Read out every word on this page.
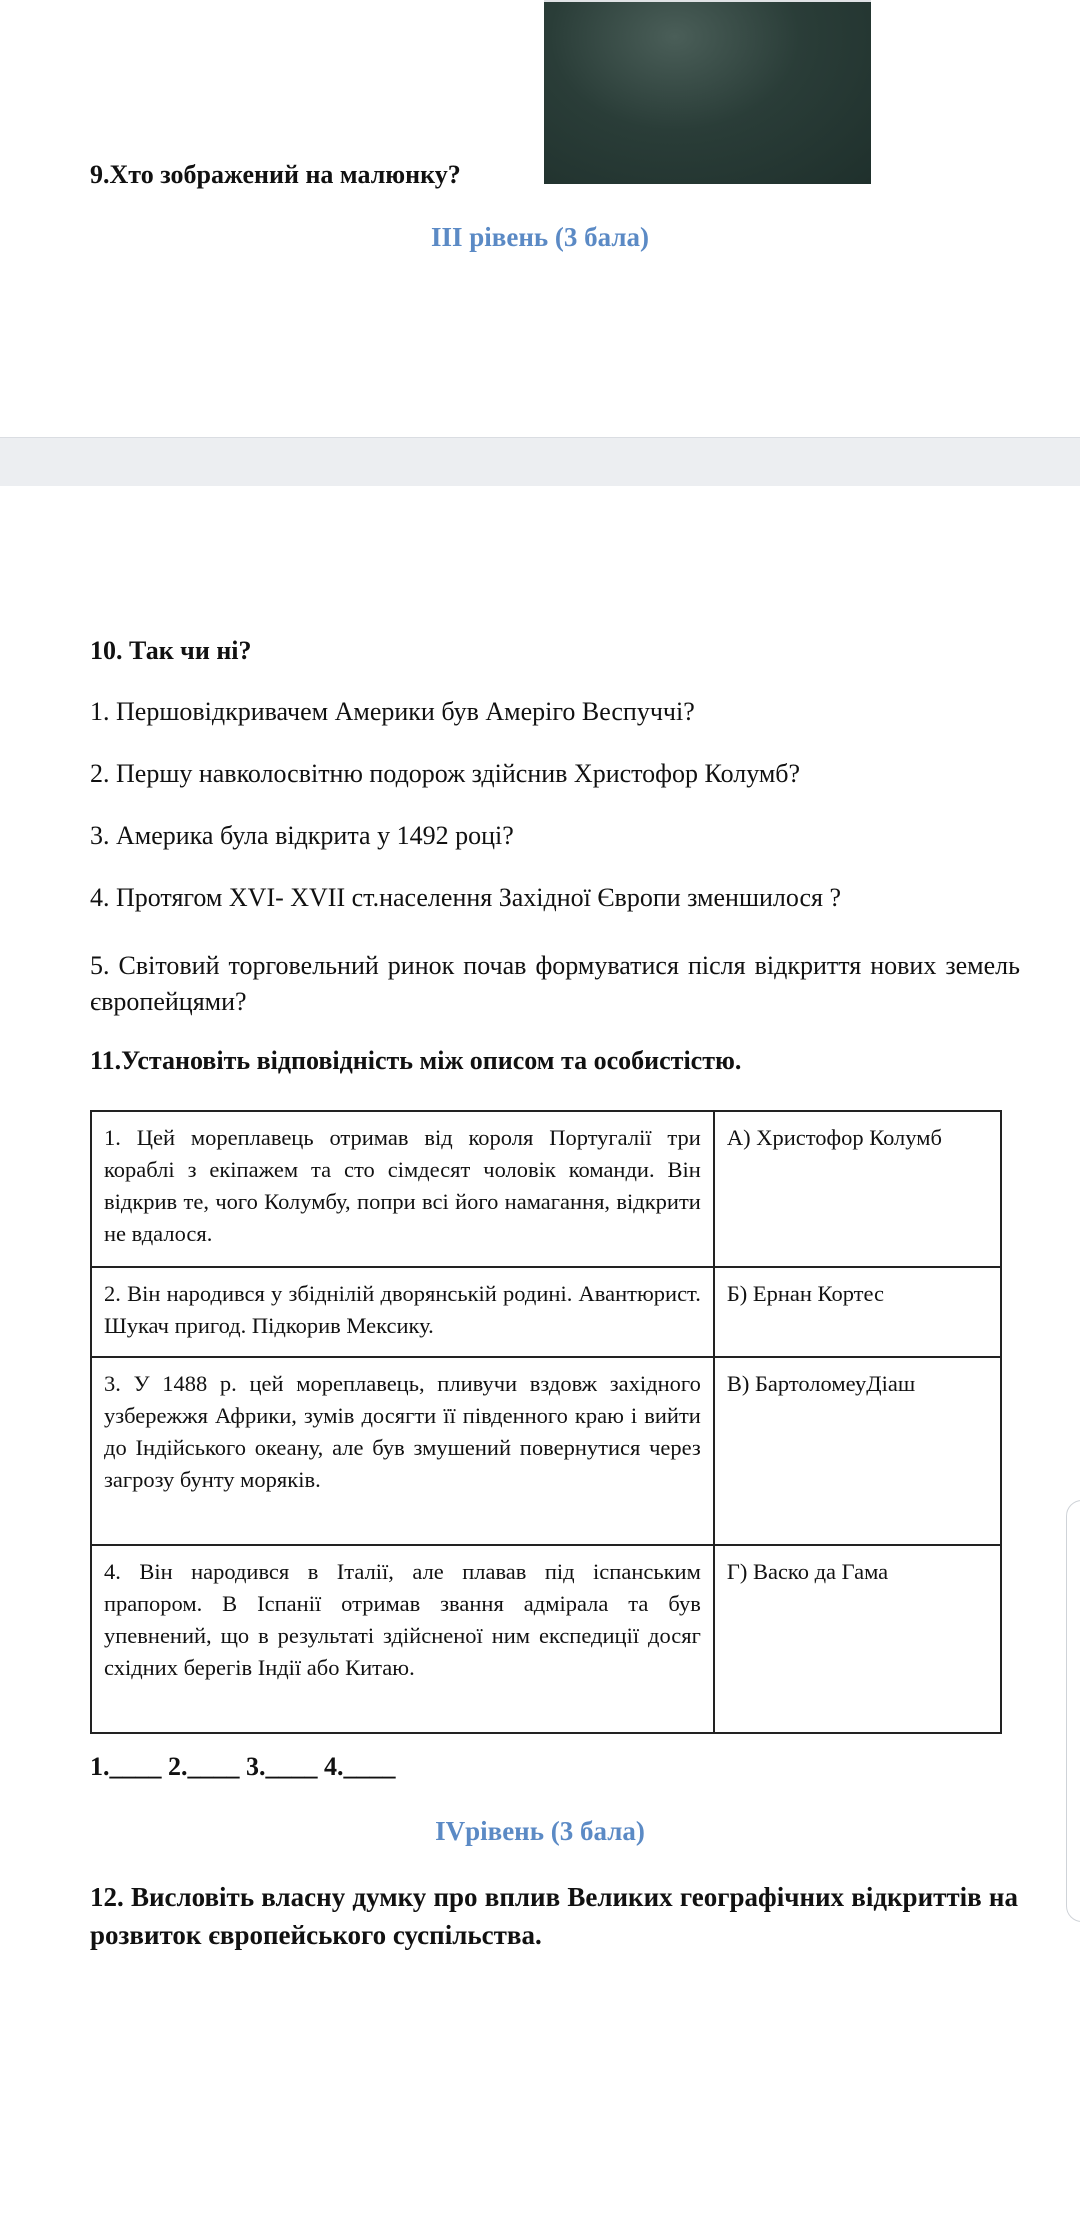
9.Хто зображений на малюнку?
ІІІ рівень (3 бала)
10. Так чи ні?
1. Першовідкривачем Америки був Амеріго Веспуччі?
2. Першу навколосвітню подорож здійснив Христофор Колумб?
3. Америка була відкрита у 1492 році?
4. Протягом XVI- XVII ст.населення Західної Європи зменшилося ?
5. Світовий торговельний ринок почав формуватися після відкриття нових земель європейцями?
11.Установіть відповідність між описом та особистістю.
1. Цей мореплавець отримав від короля Португалії три кораблі з екіпажем та сто сімдесят чоловік команди. Він відкрив те, чого Колумбу, попри всі його намагання, відкрити не вдалося.	А) Христофор Колумб
2. Він народився у збіднілій дворянській родині. Авантюрист. Шукач пригод. Підкорив Мексику.	Б) Ернан Кортес
3. У 1488 р. цей мореплавець, пливучи вздовж західного узбережжя Африки, зумів досягти її південного краю і вийти до Індійського океану, але був змушений повернутися через загрозу бунту моряків.	В) БартоломеуДіаш
4. Він народився в Італії, але плавав під іспанським прапором. В Іспанії отримав звання адмірала та був упевнений, що в результаті здійсненої ним експедиції досяг східних берегів Індії або Китаю.	Г) Васко да Гама
1.____ 2.____ 3.____ 4.____
IVрівень (3 бала)
12. Висловіть власну думку про вплив Великих географічних відкриттів на розвиток європейського суспільства.
